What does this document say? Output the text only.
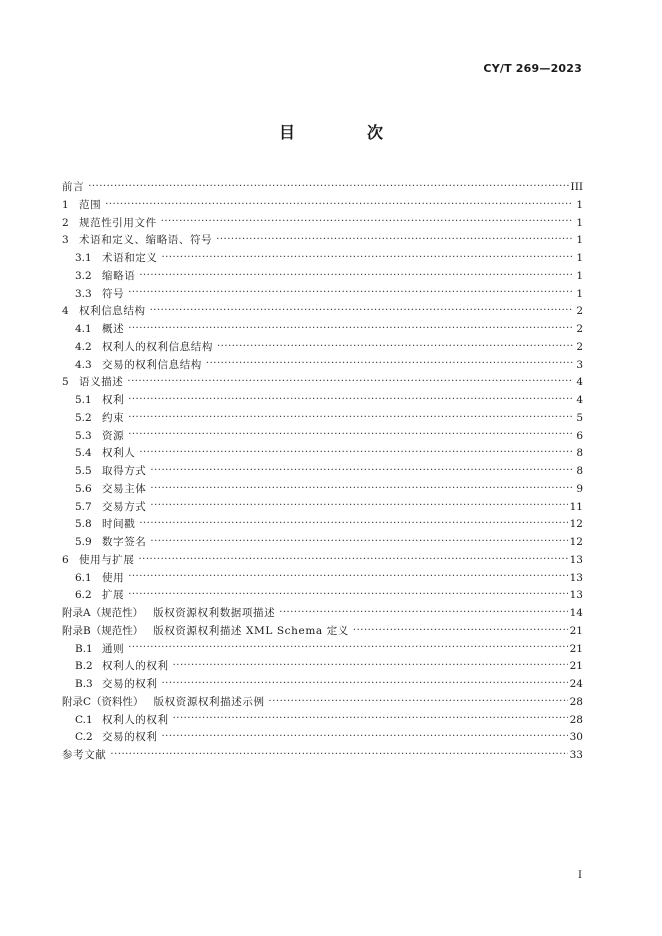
CY/T 269—2023
目　次
前言 ·····	III
1 范围 ·····	1
2 规范性引用文件 ·····	1
3 术语和定义、缩略语、符号 ·····	1
3.1 术语和定义 ·····	1
3.2 缩略语 ·····	1
3.3 符号 ·····	1
4 权利信息结构 ·····	2
4.1 概述 ·····	2
4.2 权利人的权利信息结构 ·····	2
4.3 交易的权利信息结构 ·····	3
5 语义描述 ·····	4
5.1 权利 ·····	4
5.2 约束 ·····	5
5.3 资源 ·····	6
5.4 权利人 ·····	8
5.5 取得方式 ·····	8
5.6 交易主体 ·····	9
5.7 交易方式 ·····	11
5.8 时间戳 ·····	12
5.9 数字签名 ·····	12
6 使用与扩展 ·····	13
6.1 使用 ·····	13
6.2 扩展 ·····	13
附录A（规范性） 版权资源权利数据项描述 ·····	14
附录B（规范性） 版权资源权利描述 XML Schema 定义 ·····	21
B.1 通则 ·····	21
B.2 权利人的权利 ·····	21
B.3 交易的权利 ·····	24
附录C（资料性） 版权资源权利描述示例 ·····	28
C.1 权利人的权利 ·····	28
C.2 交易的权利 ·····	30
参考文献 ·····	33
I
